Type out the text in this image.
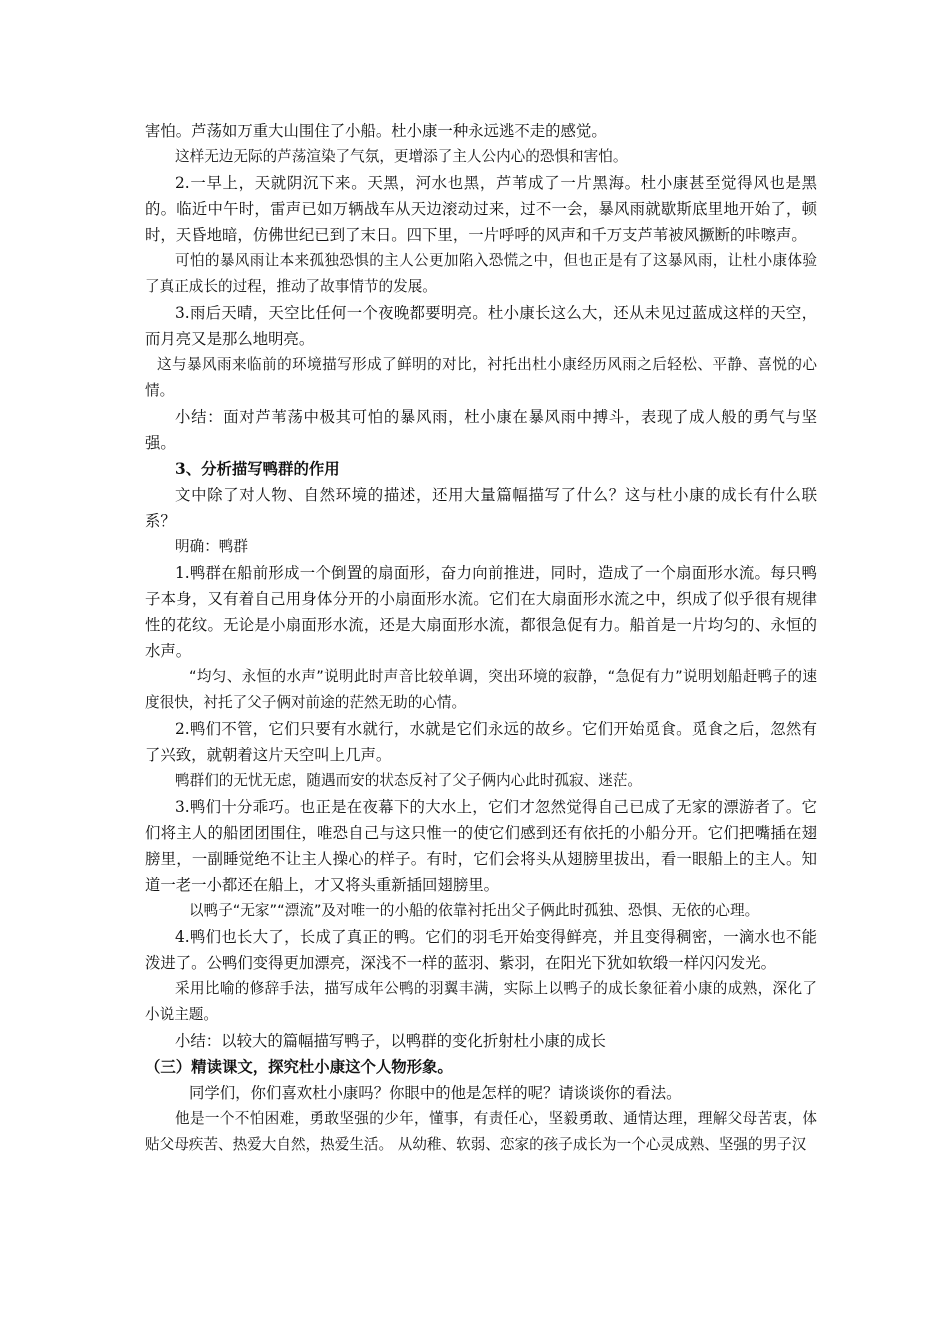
害怕。芦荡如万重大山围住了小船。杜小康一种永远逃不走的感觉。

这样无边无际的芦荡渲染了气氛，更增添了主人公内心的恐惧和害怕。

2.一早上，天就阴沉下来。天黑，河水也黑，芦苇成了一片黑海。杜小康甚至觉得风也是黑的。临近中午时，雷声已如万辆战车从天边滚动过来，过不一会，暴风雨就歇斯底里地开始了，顿时，天昏地暗，仿佛世纪已到了末日。四下里，一片呼呼的风声和千万支芦苇被风撅断的咔嚓声。

可怕的暴风雨让本来孤独恐惧的主人公更加陷入恐慌之中，但也正是有了这暴风雨，让杜小康体验了真正成长的过程，推动了故事情节的发展。

3.雨后天晴，天空比任何一个夜晚都要明亮。杜小康长这么大，还从未见过蓝成这样的天空，而月亮又是那么地明亮。

这与暴风雨来临前的环境描写形成了鲜明的对比，衬托出杜小康经历风雨之后轻松、平静、喜悦的心情。

小结：面对芦苇荡中极其可怕的暴风雨，杜小康在暴风雨中搏斗，表现了成人般的勇气与坚强。

3、分析描写鸭群的作用

文中除了对人物、自然环境的描述，还用大量篇幅描写了什么？这与杜小康的成长有什么联系？

明确：鸭群

1.鸭群在船前形成一个倒置的扇面形，奋力向前推进，同时，造成了一个扇面形水流。每只鸭子本身，又有着自己用身体分开的小扇面形水流。它们在大扇面形水流之中，织成了似乎很有规律性的花纹。无论是小扇面形水流，还是大扇面形水流，都很急促有力。船首是一片均匀的、永恒的水声。

“均匀、永恒的水声”说明此时声音比较单调，突出环境的寂静，“急促有力”说明划船赶鸭子的速度很快，衬托了父子俩对前途的茫然无助的心情。

2.鸭们不管，它们只要有水就行，水就是它们永远的故乡。它们开始觅食。觅食之后，忽然有了兴致，就朝着这片天空叫上几声。

鸭群们的无忧无虑，随遇而安的状态反衬了父子俩内心此时孤寂、迷茫。

3.鸭们十分乖巧。也正是在夜幕下的大水上，它们才忽然觉得自己已成了无家的漂游者了。它们将主人的船团团围住，唯恐自己与这只惟一的使它们感到还有依托的小船分开。它们把嘴插在翅膀里，一副睡觉绝不让主人操心的样子。有时，它们会将头从翅膀里拔出，看一眼船上的主人。知道一老一小都还在船上，才又将头重新插回翅膀里。

以鸭子“无家”“漂流”及对唯一的小船的依靠衬托出父子俩此时孤独、恐惧、无依的心理。

4.鸭们也长大了，长成了真正的鸭。它们的羽毛开始变得鲜亮，并且变得稠密，一滴水也不能泼进了。公鸭们变得更加漂亮，深浅不一样的蓝羽、紫羽，在阳光下犹如软缎一样闪闪发光。

采用比喻的修辞手法，描写成年公鸭的羽翼丰满，实际上以鸭子的成长象征着小康的成熟，深化了小说主题。

小结：以较大的篇幅描写鸭子，以鸭群的变化折射杜小康的成长

（三）精读课文，探究杜小康这个人物形象。

同学们，你们喜欢杜小康吗？你眼中的他是怎样的呢？请谈谈你的看法。

他是一个不怕困难，勇敢坚强的少年，懂事，有责任心，坚毅勇敢、通情达理，理解父母苦衷，体贴父母疾苦、热爱大自然，热爱生活。 从幼稚、软弱、恋家的孩子成长为一个心灵成熟、坚强的男子汉
